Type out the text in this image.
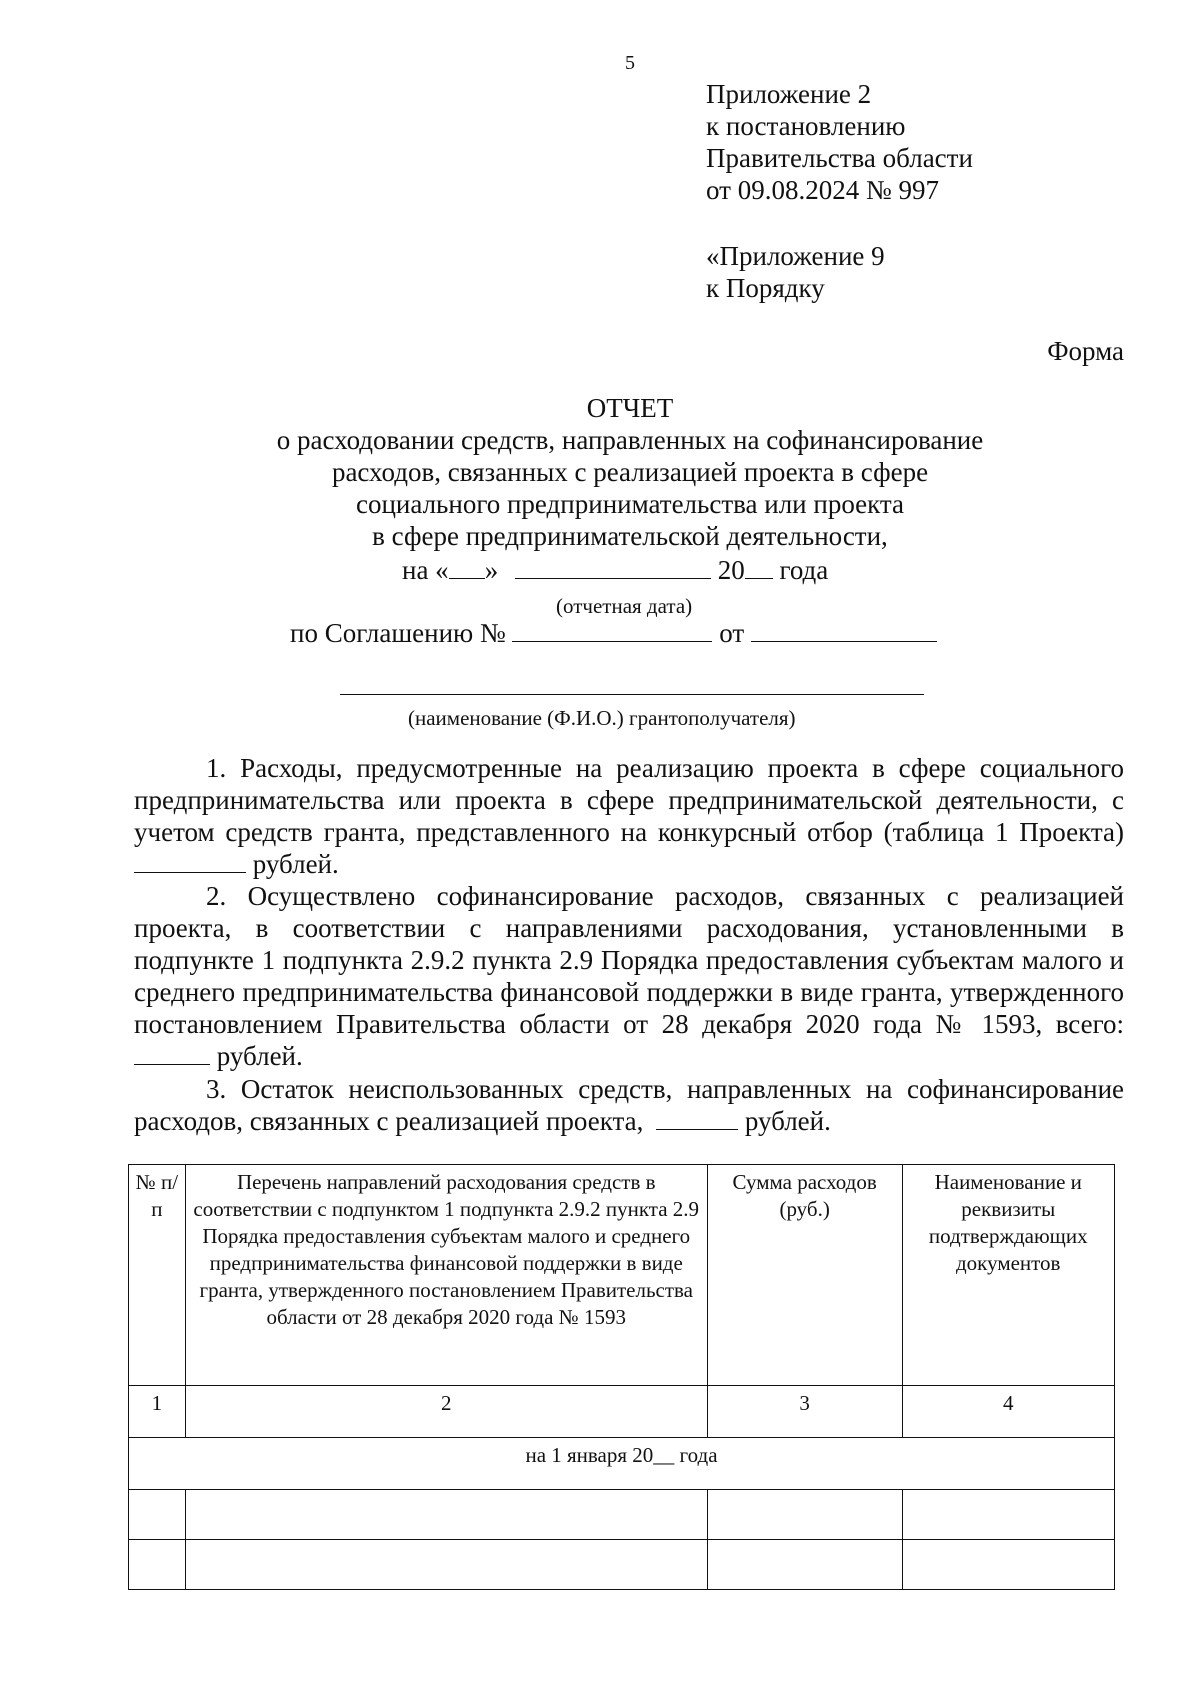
5
Приложение 2
к постановлению
Правительства области
от 09.08.2024 № 997
«Приложение 9
к Порядку
Форма
ОТЧЕТ
о расходовании средств, направленных на софинансирование
расходов, связанных с реализацией проекта в сфере
социального предпринимательства или проекта
в сфере предпринимательской деятельности,
на « »	20 года
(отчетная дата)
по Соглашению №	от
(наименование (Ф.И.О.) грантополучателя)
1. Расходы, предусмотренные на реализацию проекта в сфере социального предпринимательства или проекта в сфере предпринимательской деятельности, с учетом средств гранта, представленного на конкурсный отбор (таблица 1 Проекта)  рублей.
2. Осуществлено софинансирование расходов, связанных с реализацией проекта, в соответствии с направлениями расходования, установленными в подпункте 1 подпункта 2.9.2 пункта 2.9 Порядка предоставления субъектам малого и среднего предпринимательства финансовой поддержки в виде гранта, утвержденного постановлением Правительства области от 28 декабря 2020 года № 1593, всего:  рублей.
3. Остаток неиспользованных средств, направленных на софинансирование расходов, связанных с реализацией проекта,	рублей.
№ п/п	Перечень направлений расходования средств в соответствии с подпунктом 1 подпункта 2.9.2 пункта 2.9 Порядка предоставления субъектам малого и среднего предпринимательства финансовой поддержки в виде гранта, утвержденного постановлением Правительства области от 28 декабря 2020 года № 1593	Сумма расходов (руб.)	Наименование и реквизиты подтверждающих документов
1	2	3	4
на 1 января 20__ года			
